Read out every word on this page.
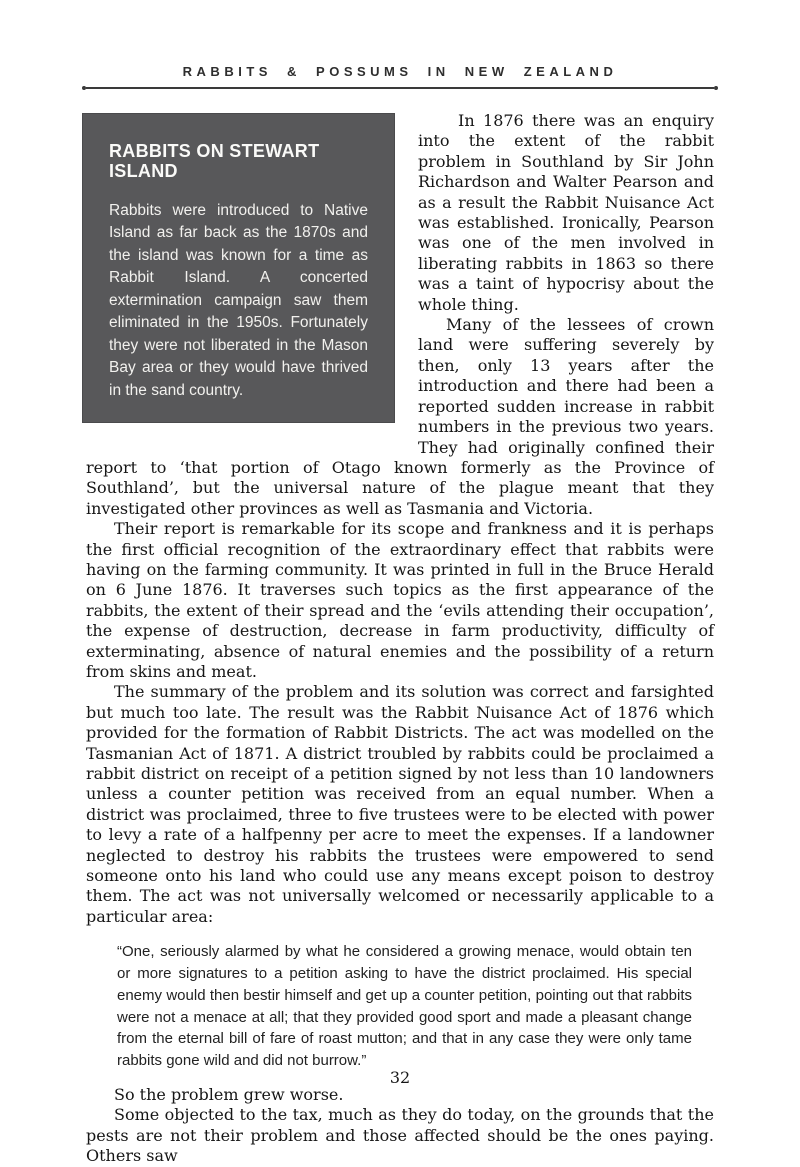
RABBITS & POSSUMS IN NEW ZEALAND
RABBITS ON STEWART ISLAND

Rabbits were introduced to Native Island as far back as the 1870s and the island was known for a time as Rabbit Island. A concerted extermination campaign saw them eliminated in the 1950s. Fortunately they were not liberated in the Mason Bay area or they would have thrived in the sand country.

In 1876 there was an enquiry into the extent of the rabbit problem in Southland by Sir John Richardson and Walter Pearson and as a result the Rabbit Nuisance Act was established. Ironically, Pearson was one of the men involved in liberating rabbits in 1863 so there was a taint of hypocrisy about the whole thing.

Many of the lessees of crown land were suffering severely by then, only 13 years after the introduction and there had been a reported sudden increase in rabbit numbers in the previous two years. They had originally confined their report to ‘that portion of Otago known formerly as the Province of Southland’, but the universal nature of the plague meant that they investigated other provinces as well as Tasmania and Victoria.

Their report is remarkable for its scope and frankness and it is perhaps the first official recognition of the extraordinary effect that rabbits were having on the farming community. It was printed in full in the Bruce Herald on 6 June 1876. It traverses such topics as the first appearance of the rabbits, the extent of their spread and the ‘evils attending their occupation’, the expense of destruction, decrease in farm productivity, difficulty of exterminating, absence of natural enemies and the possibility of a return from skins and meat.

The summary of the problem and its solution was correct and farsighted but much too late. The result was the Rabbit Nuisance Act of 1876 which provided for the formation of Rabbit Districts. The act was modelled on the Tasmanian Act of 1871. A district troubled by rabbits could be proclaimed a rabbit district on receipt of a petition signed by not less than 10 landowners unless a counter petition was received from an equal number. When a district was proclaimed, three to five trustees were to be elected with power to levy a rate of a halfpenny per acre to meet the expenses. If a landowner neglected to destroy his rabbits the trustees were empowered to send someone onto his land who could use any means except poison to destroy them. The act was not universally welcomed or necessarily applicable to a particular area:

“One, seriously alarmed by what he considered a growing menace, would obtain ten or more signatures to a petition asking to have the district proclaimed. His special enemy would then bestir himself and get up a counter petition, pointing out that rabbits were not a menace at all; that they provided good sport and made a pleasant change from the eternal bill of fare of roast mutton; and that in any case they were only tame rabbits gone wild and did not burrow.”

So the problem grew worse.

Some objected to the tax, much as they do today, on the grounds that the pests are not their problem and those affected should be the ones paying. Others saw

32
